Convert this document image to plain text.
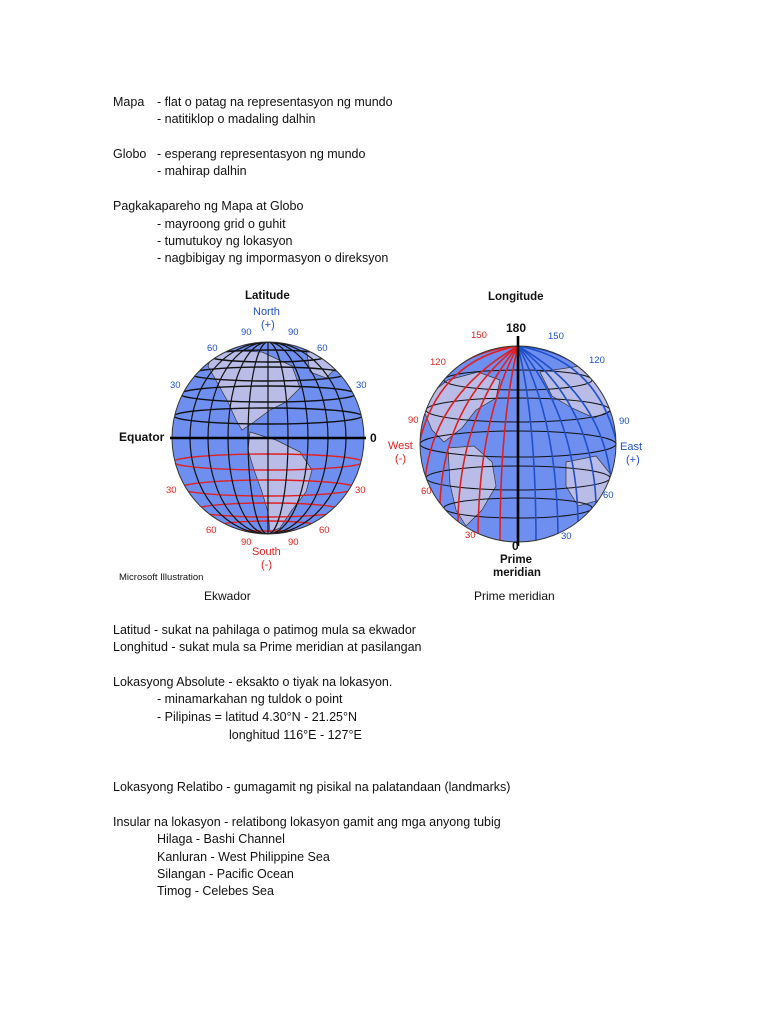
Mapa - flat o patag na representasyon ng mundo
- natitiklop o madaling dalhin
Globo - esperang representasyon ng mundo
- mahirap dalhin
Pagkakapareho ng Mapa at Globo
- mayroong grid o guhit
- tumutukoy ng lokasyon
- nagbibigay ng impormasyon o direksyon
Latitude
North
(+)
90	90
60	60
30	30
Equator	0
30	30
60	60
90	90
South
(-)
Microsoft Illustration
Ekwador
Longitude
180
150	150
120	120
90	90
West
(-)
East
(+)
60	60
30	30
0
Prime
meridian
Prime meridian
Latitud - sukat na pahilaga o patimog mula sa ekwador
Longhitud - sukat mula sa Prime meridian at pasilangan
Lokasyong Absolute - eksakto o tiyak na lokasyon.
- minamarkahan ng tuldok o point
- Pilipinas = latitud 4.30°N - 21.25°N
longhitud 116°E - 127°E
Lokasyong Relatibo - gumagamit ng pisikal na palatandaan (landmarks)
Insular na lokasyon - relatibong lokasyon gamit ang mga anyong tubig
Hilaga - Bashi Channel
Kanluran - West Philippine Sea
Silangan - Pacific Ocean
Timog - Celebes Sea
